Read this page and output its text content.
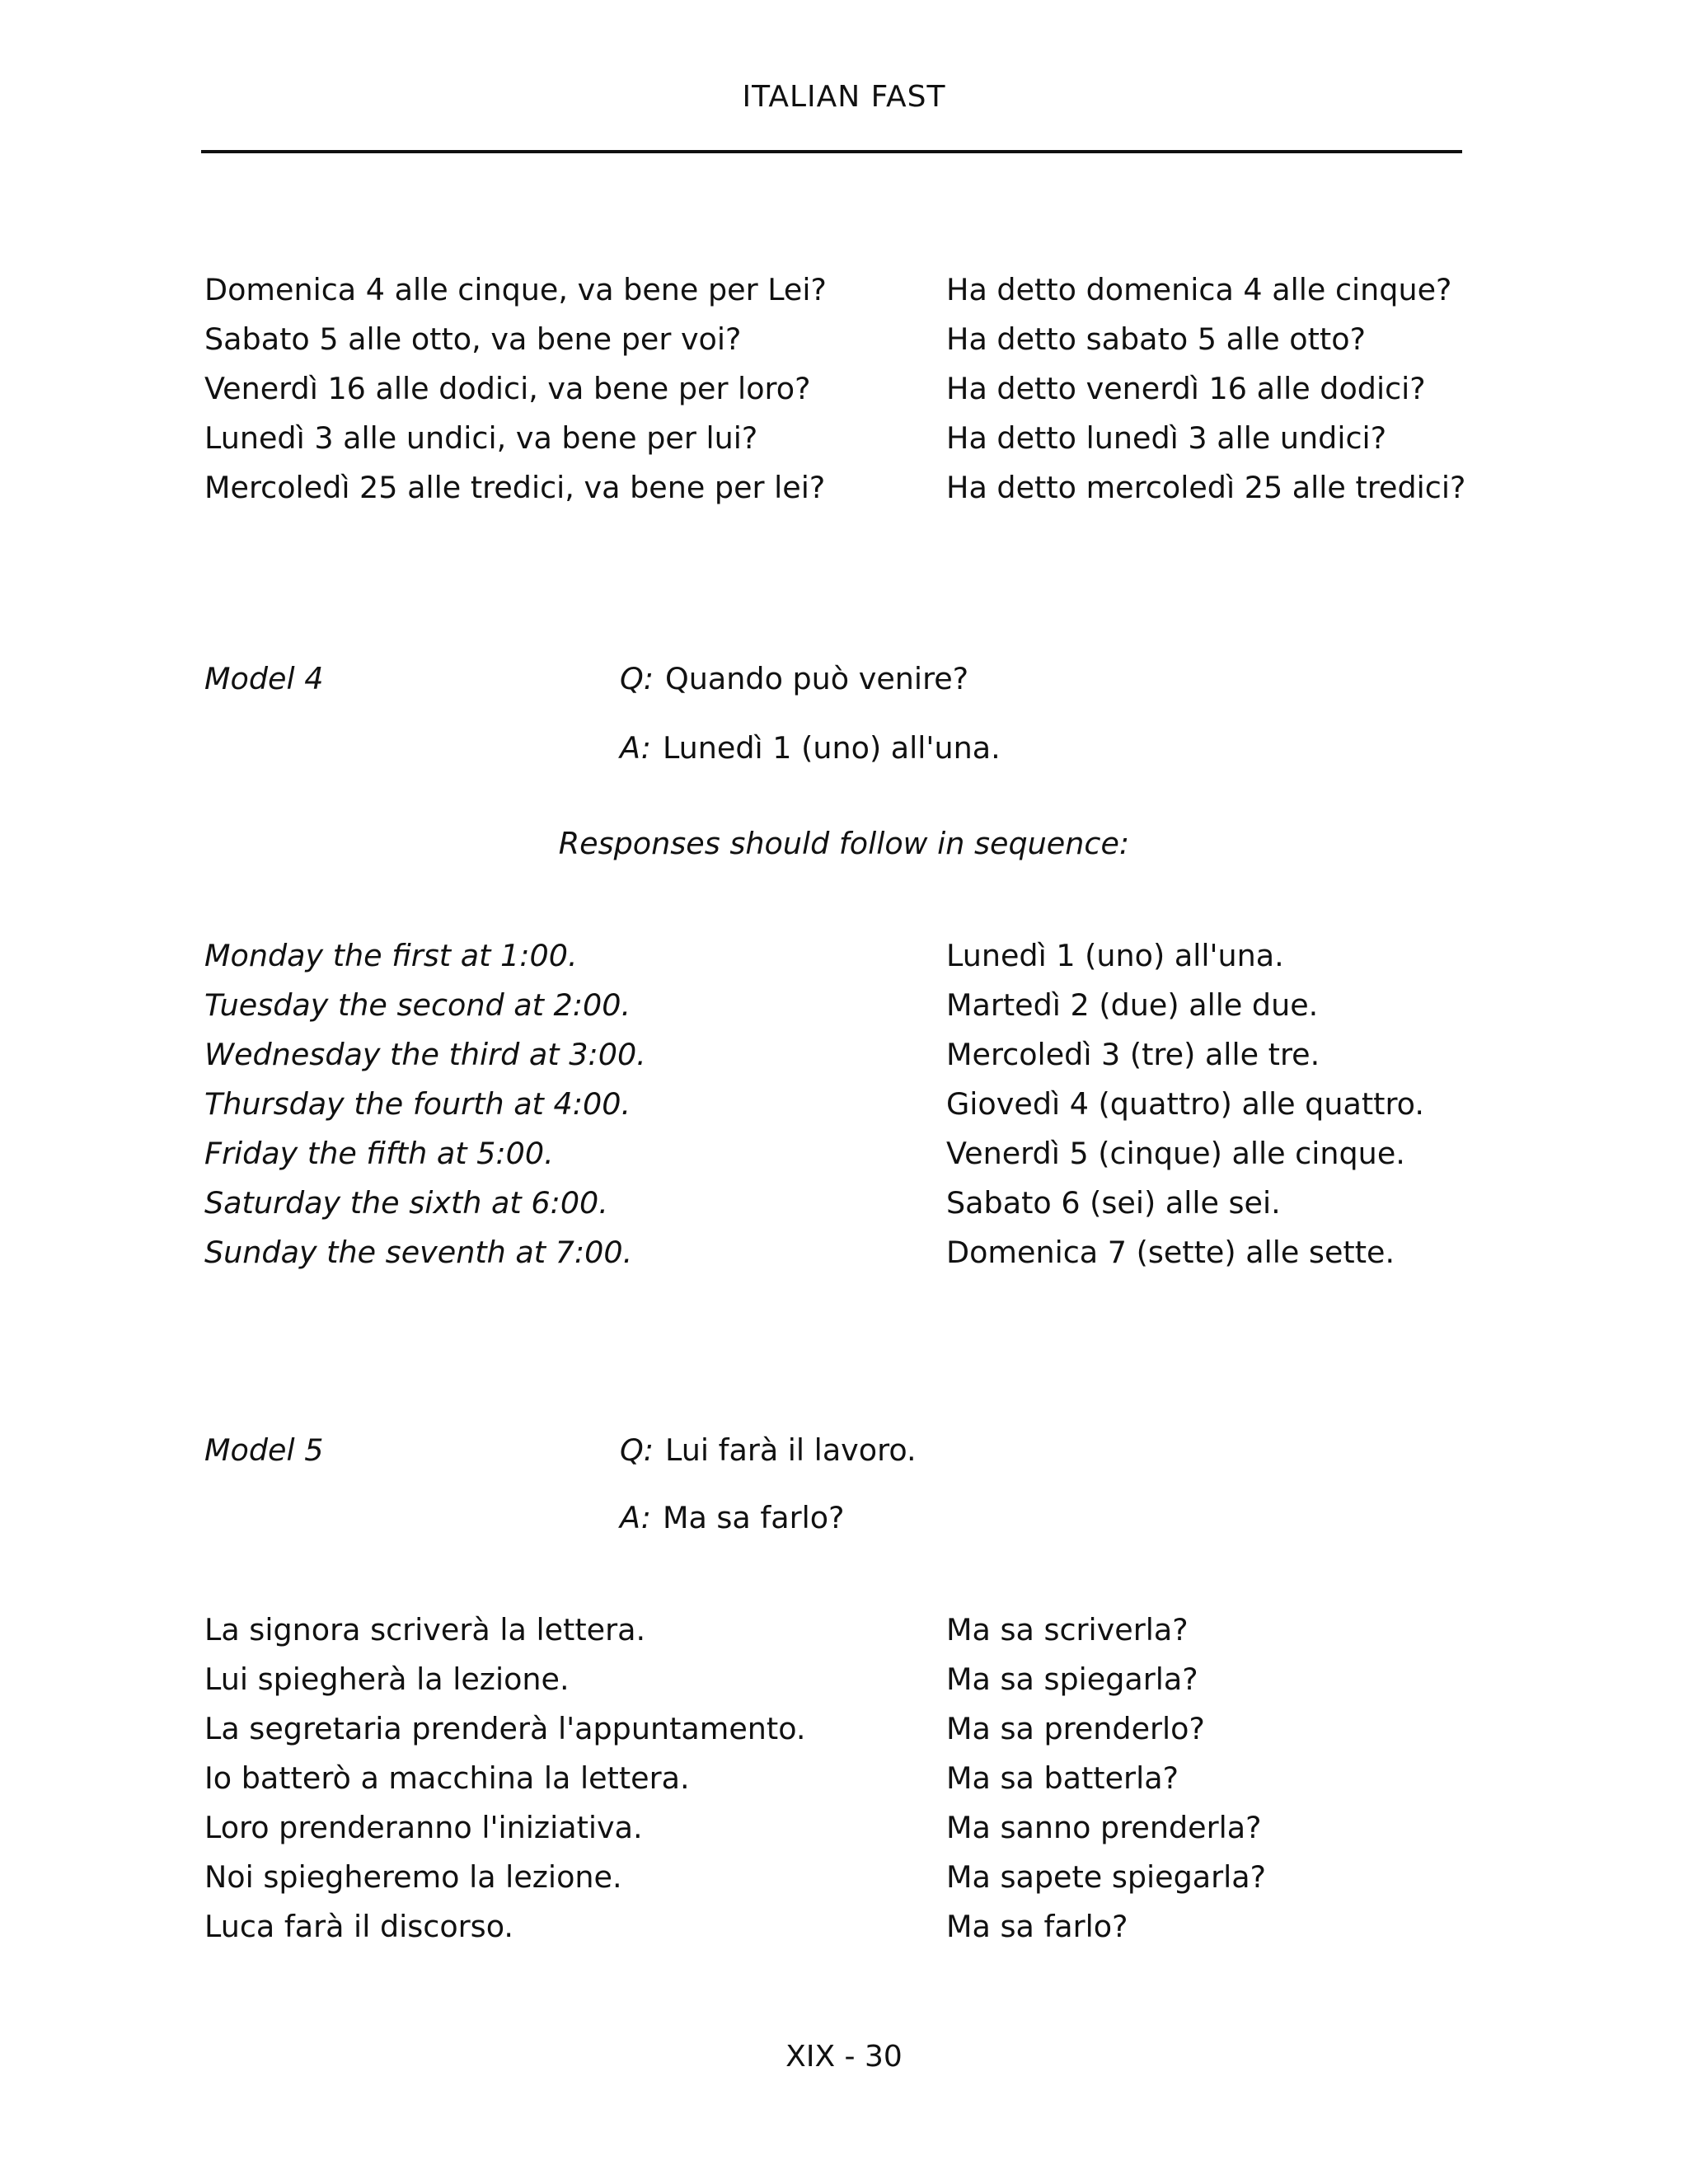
ITALIAN FAST
Domenica 4 alle cinque, va bene per Lei?
Sabato 5 alle otto, va bene per voi?
Venerdì 16 alle dodici, va bene per loro?
Lunedì 3 alle undici, va bene per lui?
Mercoledì 25 alle tredici, va bene per lei?
Ha detto domenica 4 alle cinque?
Ha detto sabato 5 alle otto?
Ha detto venerdì 16 alle dodici?
Ha detto lunedì 3 alle undici?
Ha detto mercoledì 25 alle tredici?
Model 4	Q: Quando può venire?
A: Lunedì 1 (uno) all'una.
Responses should follow in sequence:
Monday the first at 1:00.
Tuesday the second at 2:00.
Wednesday the third at 3:00.
Thursday the fourth at 4:00.
Friday the fifth at 5:00.
Saturday the sixth at 6:00.
Sunday the seventh at 7:00.
Lunedì 1 (uno) all'una.
Martedì 2 (due) alle due.
Mercoledì 3 (tre) alle tre.
Giovedì 4 (quattro) alle quattro.
Venerdì 5 (cinque) alle cinque.
Sabato 6 (sei) alle sei.
Domenica 7 (sette) alle sette.
Model 5	Q: Lui farà il lavoro.
A: Ma sa farlo?
La signora scriverà la lettera.
Lui spiegherà la lezione.
La segretaria prenderà l'appuntamento.
Io batterò a macchina la lettera.
Loro prenderanno l'iniziativa.
Noi spiegheremo la lezione.
Luca farà il discorso.
Ma sa scriverla?
Ma sa spiegarla?
Ma sa prenderlo?
Ma sa batterla?
Ma sanno prenderla?
Ma sapete spiegarla?
Ma sa farlo?
XIX - 30
